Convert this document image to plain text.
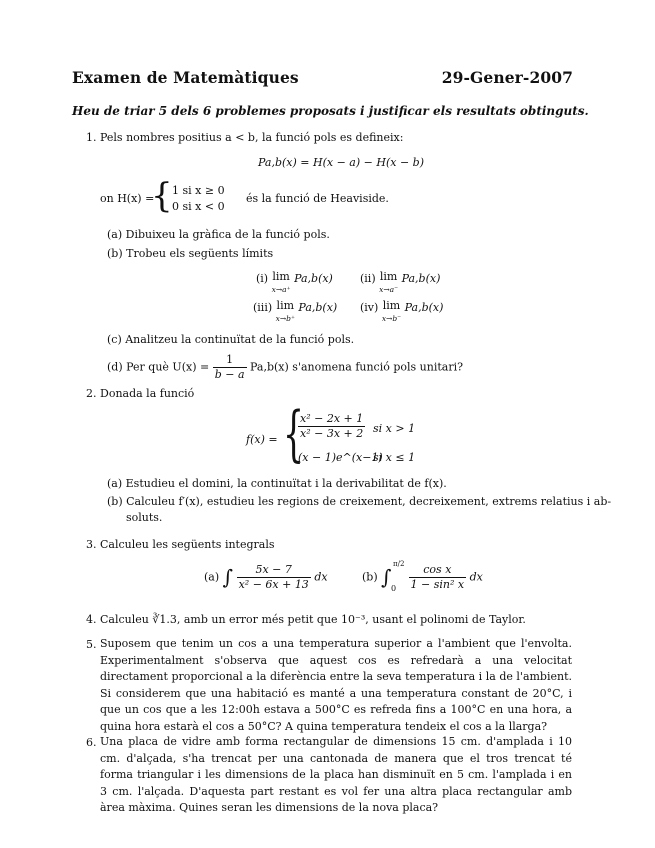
Examen de Matemàtiques	29-Gener-2007
Heu de triar 5 dels 6 problemes proposats i justificar els resultats obtinguts.
1. Pels nombres positius a < b, la funció pols es defineix:
Pa,b(x) = H(x − a) − H(x − b)
on H(x) =
{ 1 si x ≥ 0
0 si x < 0
és la funció de Heaviside.
(a) Dibuixeu la gràfica de la funció pols.
(b) Trobeu els següents límits
(i) lim
x→a⁺
Pa,b(x) (ii) lim
x→a⁻
Pa,b(x)
(iii) lim
x→b⁺
Pa,b(x) (iv) lim
x→b⁻
Pa,b(x)
(c) Analitzeu la continuïtat de la funció pols.
(d) Per què $U(x) = \frac{1}{b - a} Pa,b(x)$ s'anomena funció pols unitari?
2. Donada la funció
f(x) = {
$\frac{\text{x² − 2x + 1}}{\text{x² − 3x + 2}}$ si x > 1
(x − 1)e^(x−1)
si x ≤ 1
(a) Estudieu el domini, la continuïtat i la derivabilitat de f(x).
(b) Calculeu f′(x), estudieu les regions de creixement, decreixement, extrems relatius i ab-
soluts.
3. Calculeu les següents integrals
(a) ∫ $\frac{5x - 7}{\text{x² − 6x + 13}}$ dx	(b) ∫
π/2
0
$\frac{\text{cos x}}{\text{1 − sin² x}}$ dx
4. Calculeu ∛1.3, amb un error més petit que 10⁻³, usant el polinomi de Taylor.
5. Suposem que tenim un cos a una temperatura superior a l'ambient que l'envolta. Experimentalment s'observa que aquest cos es refredarà a una velocitat directament proporcional a la diferència entre la seva temperatura i la de l'ambient. Si considerem que una habitació es manté a una temperatura constant de 20°C, i que un cos que a les 12:00h estava a 500°C es refreda fins a 100°C en una hora, a quina hora estarà el cos a 50°C? A quina temperatura tendeix el cos a la llarga?
6. Una placa de vidre amb forma rectangular de dimensions 15 cm. d'amplada i 10 cm. d'alçada, s'ha trencat per una cantonada de manera que el tros trencat té forma triangular i les dimensions de la placa han disminuït en 5 cm. l'amplada i en 3 cm. l'alçada. D'aquesta part restant es vol fer una altra placa rectangular amb àrea màxima. Quines seran les dimensions de la nova placa?
